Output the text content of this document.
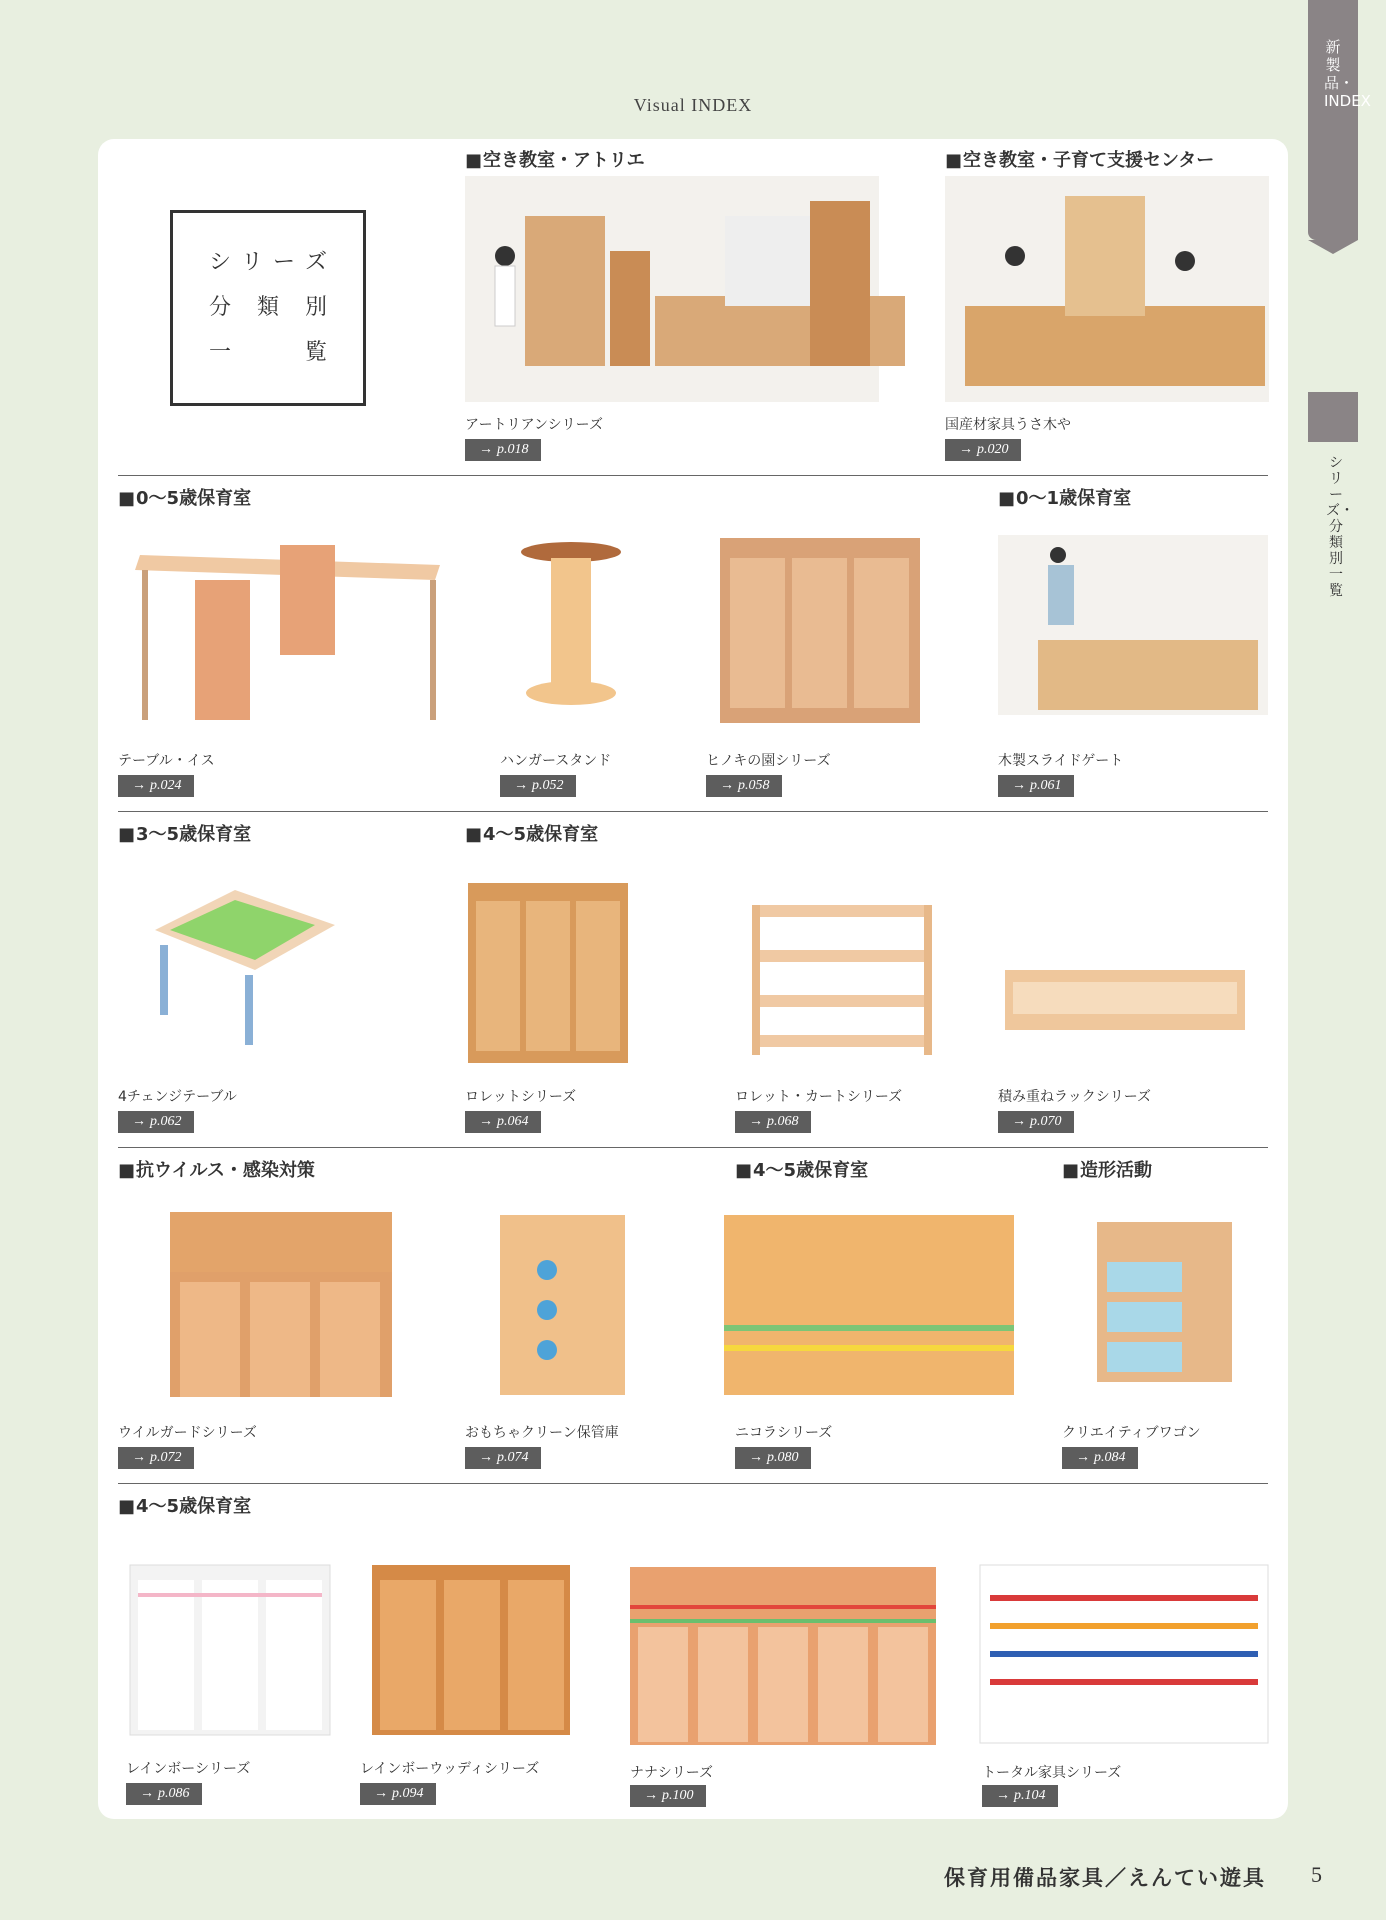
Visual INDEX
新製品・INDEX
シリーズ・分類別一覧
シ リ ー ズ
分 類 別
一	覧
■ 空き教室・アトリエ	■ 空き教室・子育て支援センター
アートリアンシリーズ
→ p.018
国産材家具うさ木や
→ p.020
■ 0〜5歳保育室	■ 0〜1歳保育室
テーブル・イス
→ p.024
ハンガースタンド
→ p.052
ヒノキの園シリーズ
→ p.058
木製スライドゲート
→ p.061
■ 3〜5歳保育室	■ 4〜5歳保育室
4チェンジテーブル
→ p.062
ロレットシリーズ
→ p.064
ロレット・カートシリーズ
→ p.068
積み重ねラックシリーズ
→ p.070
■ 抗ウイルス・感染対策	■ 4〜5歳保育室	■ 造形活動
ウイルガードシリーズ
→ p.072
おもちゃクリーン保管庫
→ p.074
ニコラシリーズ
→ p.080
クリエイティブワゴン
→ p.084
■ 4〜5歳保育室
レインボーシリーズ
→ p.086
レインボーウッディシリーズ
→ p.094
ナナシリーズ
→ p.100
トータル家具シリーズ
→ p.104
保育用備品家具／えんてい遊具 5
